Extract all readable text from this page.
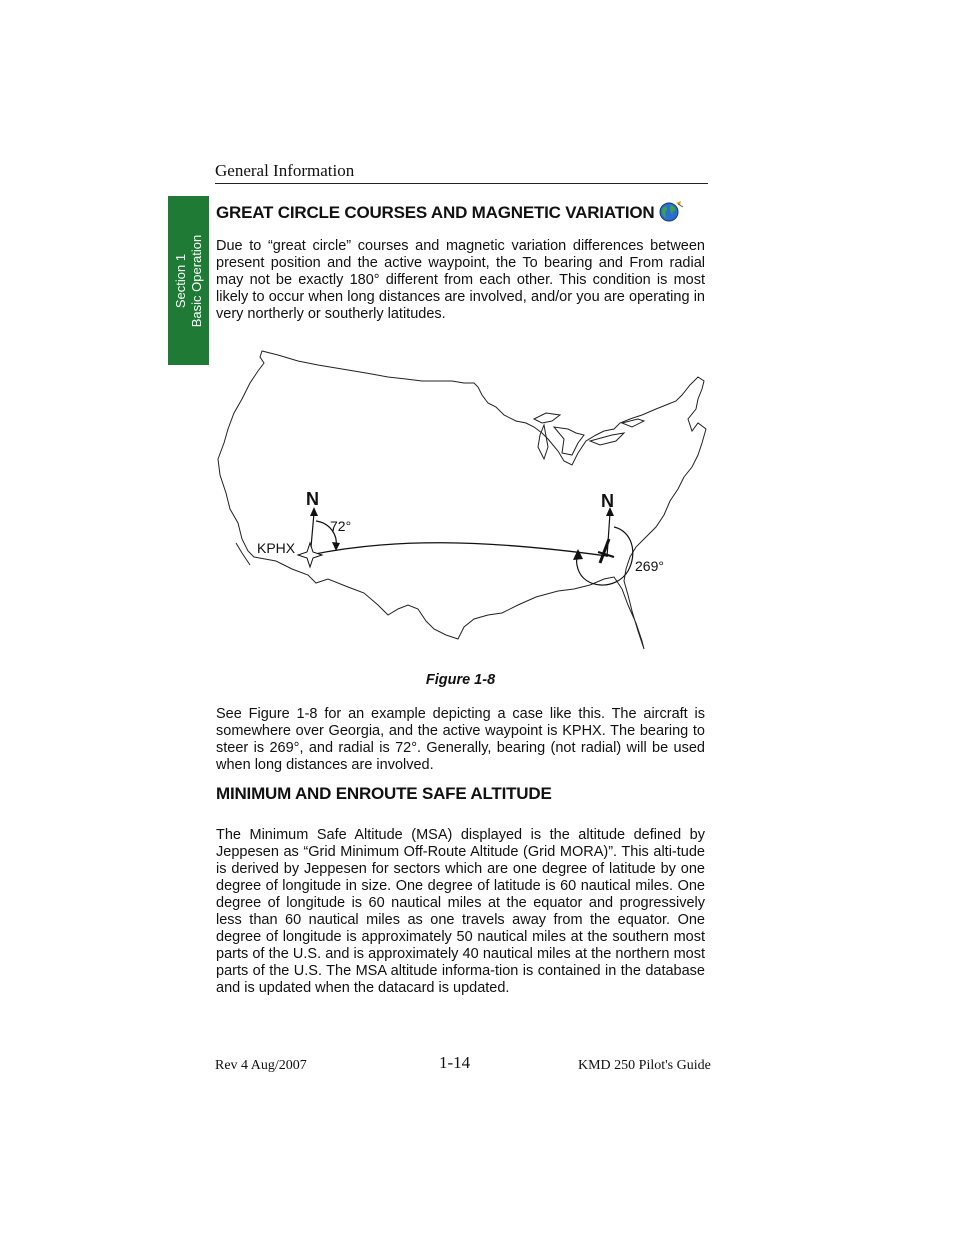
General Information
Section 1 Basic Operation
GREAT CIRCLE COURSES AND MAGNETIC VARIATION

Due to “great circle” courses and magnetic variation differences between present position and the active waypoint, the To bearing and From radial may not be exactly 180° different from each other. This condition is most likely to occur when long distances are involved, and/or you are operating in very northerly or southerly latitudes.

N
72°
KPHX
N
269°
Figure 1-8

See Figure 1-8 for an example depicting a case like this. The aircraft is somewhere over Georgia, and the active waypoint is KPHX. The bearing to steer is 269°, and radial is 72°. Generally, bearing (not radial) will be used when long distances are involved.

MINIMUM AND ENROUTE SAFE ALTITUDE

The Minimum Safe Altitude (MSA) displayed is the altitude defined by Jeppesen as “Grid Minimum Off-Route Altitude (Grid MORA)”. This alti-tude is derived by Jeppesen for sectors which are one degree of latitude by one degree of longitude in size. One degree of latitude is 60 nautical miles. One degree of longitude is 60 nautical miles at the equator and progressively less than 60 nautical miles as one travels away from the equator. One degree of longitude is approximately 50 nautical miles at the southern most parts of the U.S. and is approximately 40 nautical miles at the northern most parts of the U.S. The MSA altitude informa-tion is contained in the database and is updated when the datacard is updated.

Rev 4 Aug/2007	1-14	KMD 250 Pilot's Guide
